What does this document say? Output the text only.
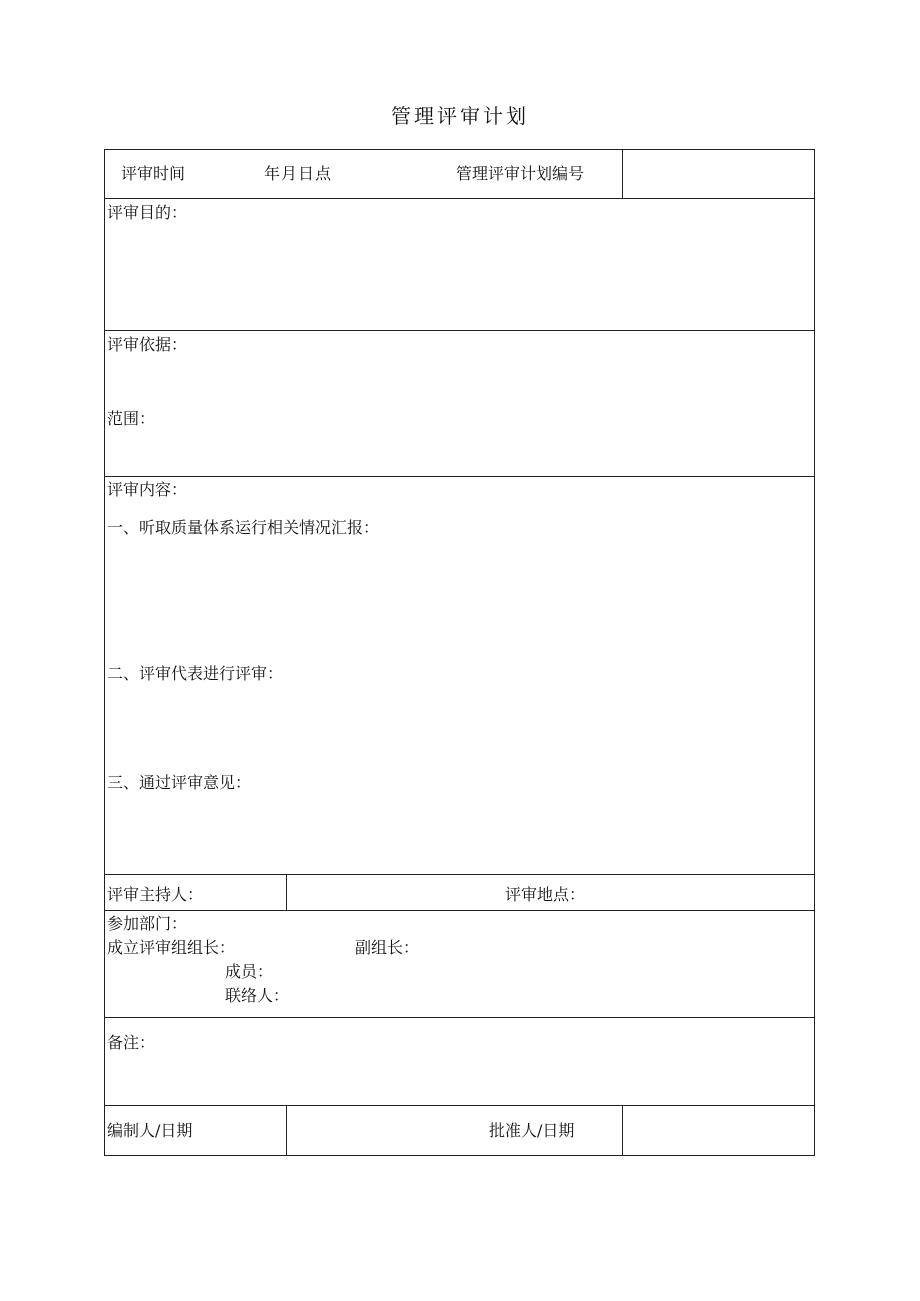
管理评审计划
评审时间	年月日点	管理评审计划编号
评审目的：
评审依据：
范围：
评审内容：
一、听取质量体系运行相关情况汇报：
二、评审代表进行评审：
三、通过评审意见：
评审主持人：	评审地点：
参加部门：
成立评审组组长：	副组长：
成员：
联络人：
备注：
编制人/日期	批准人/日期
